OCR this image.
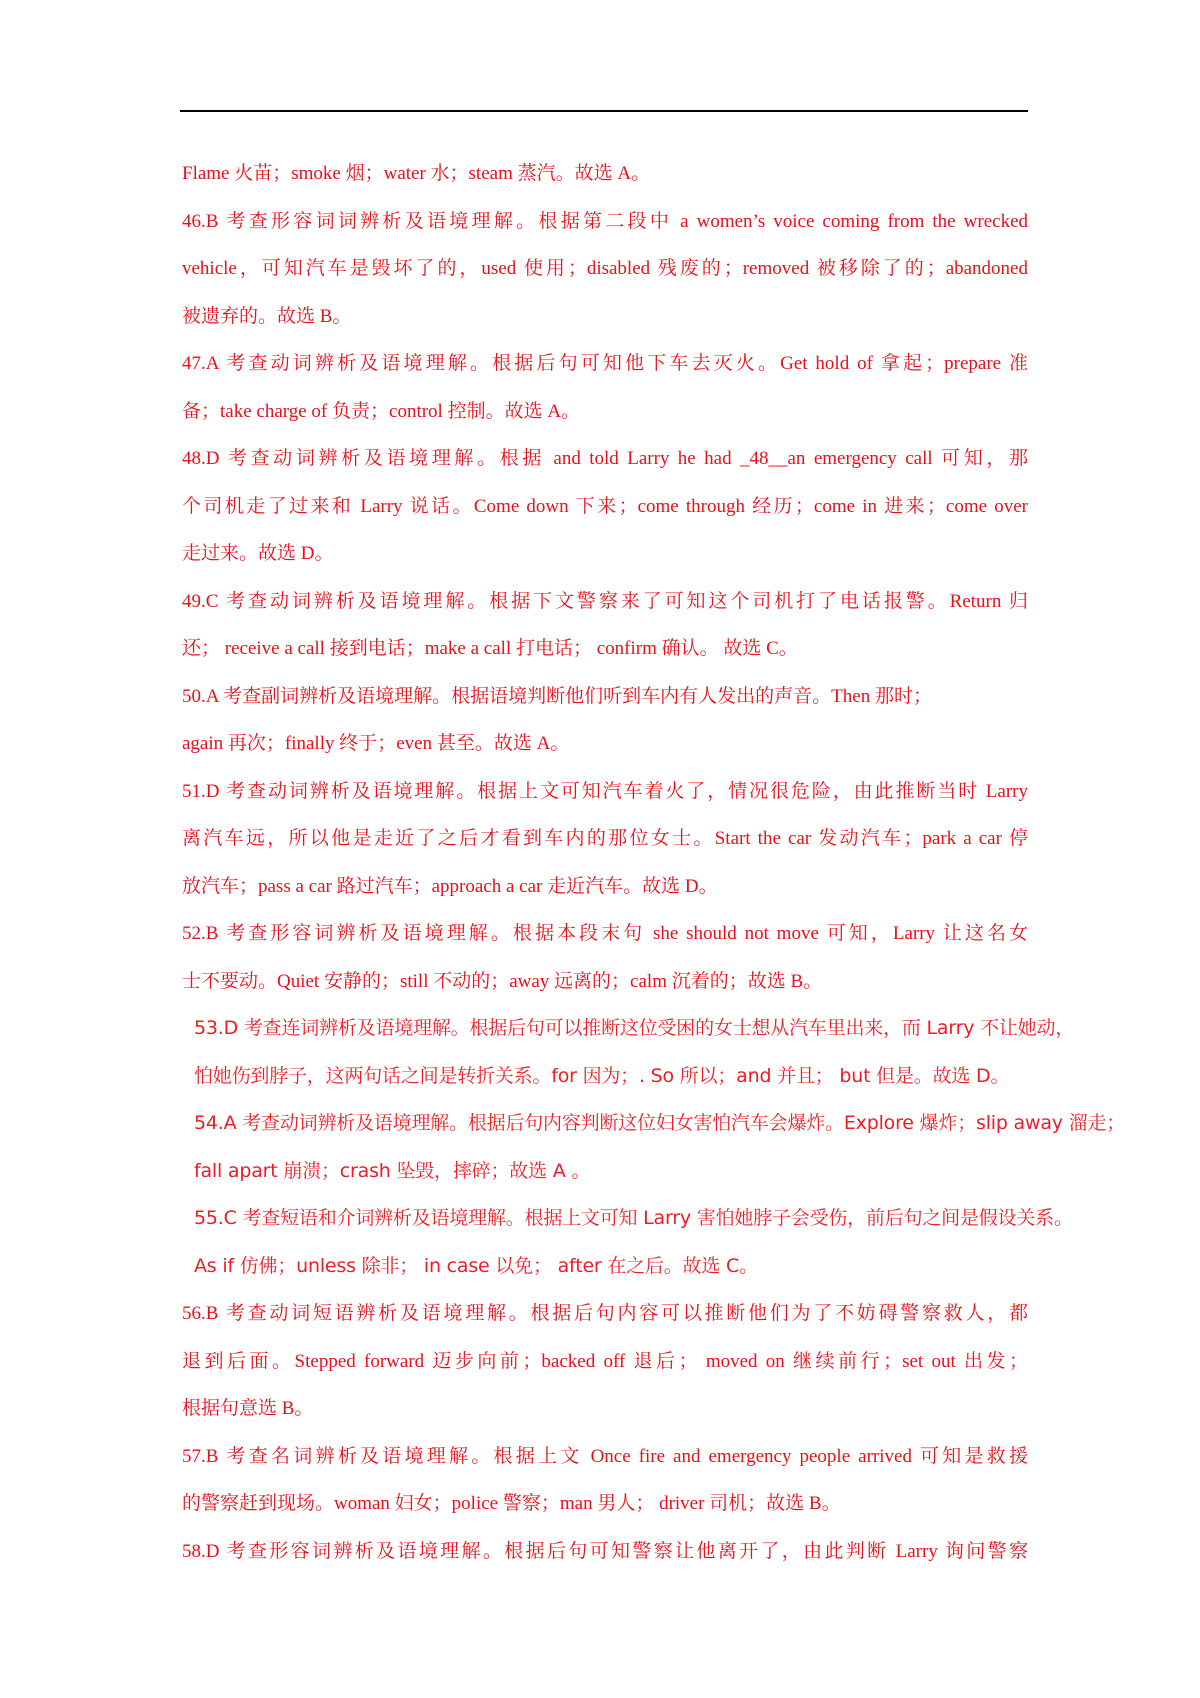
Flame 火苗；smoke 烟；water 水；steam 蒸汽。故选 A。
46.B 考查形容词词辨析及语境理解。根据第二段中 a women’s voice coming from the wrecked
vehicle，可知汽车是毁坏了的，used 使用；disabled 残废的；removed 被移除了的；abandoned
被遗弃的。故选 B。
47.A 考查动词辨析及语境理解。根据后句可知他下车去灭火。Get hold of 拿起；prepare 准
备；take charge of 负责；control 控制。故选 A。
48.D 考查动词辨析及语境理解。根据 and told Larry he had _48__an emergency call 可知，那
个司机走了过来和 Larry 说话。Come down 下来；come through 经历；come in 进来；come over
走过来。故选 D。
49.C 考查动词辨析及语境理解。根据下文警察来了可知这个司机打了电话报警。Return 归
还； receive a call 接到电话；make a call 打电话； confirm 确认。 故选 C。
50.A 考查副词辨析及语境理解。根据语境判断他们听到车内有人发出的声音。Then 那时；
again 再次；finally 终于；even 甚至。故选 A。
51.D 考查动词辨析及语境理解。根据上文可知汽车着火了，情况很危险，由此推断当时 Larry
离汽车远，所以他是走近了之后才看到车内的那位女士。Start the car 发动汽车；park a car 停
放汽车；pass a car 路过汽车；approach a car 走近汽车。故选 D。
52.B 考查形容词辨析及语境理解。根据本段末句 she should not move 可知，Larry 让这名女
士不要动。Quiet 安静的；still 不动的；away 远离的；calm 沉着的；故选 B。
53.D 考查连词辨析及语境理解。根据后句可以推断这位受困的女士想从汽车里出来，而 Larry 不让她动，
怕她伤到脖子，这两句话之间是转折关系。for 因为；. So 所以；and 并且； but 但是。故选 D。
54.A 考查动词辨析及语境理解。根据后句内容判断这位妇女害怕汽车会爆炸。Explore 爆炸；slip away 溜走；
fall apart 崩溃；crash 坠毁，摔碎；故选 A 。
55.C 考查短语和介词辨析及语境理解。根据上文可知 Larry 害怕她脖子会受伤，前后句之间是假设关系。
As if 仿佛；unless 除非； in case 以免； after 在之后。故选 C。
56.B 考查动词短语辨析及语境理解。根据后句内容可以推断他们为了不妨碍警察救人，都
退到后面。Stepped forward 迈步向前；backed off 退后； moved on 继续前行；set out 出发；
根据句意选 B。
57.B 考查名词辨析及语境理解。根据上文 Once fire and emergency people arrived 可知是救援
的警察赶到现场。woman 妇女；police 警察；man 男人； driver 司机；故选 B。
58.D 考查形容词辨析及语境理解。根据后句可知警察让他离开了，由此判断 Larry 询问警察
